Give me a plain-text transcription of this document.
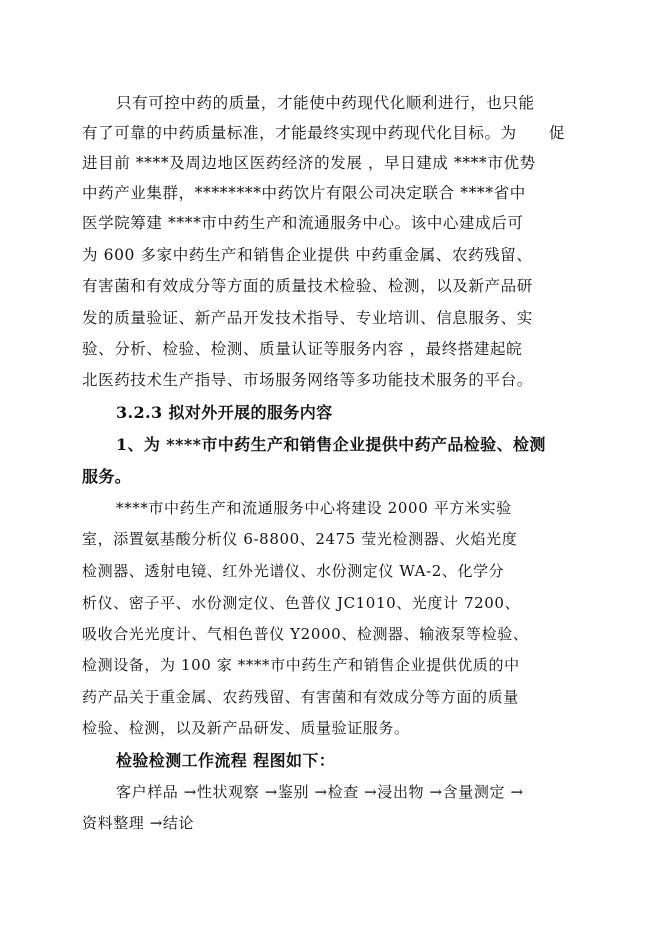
只有可控中药的质量，才能使中药现代化顺利进行，也只能
有了可靠的中药质量标准，才能最终实现中药现代化目标。为　　促
进目前 ****及周边地区医药经济的发展 ，早日建成 ****市优势
中药产业集群，********中药饮片有限公司决定联合 ****省中
医学院筹建 ****市中药生产和流通服务中心。该中心建成后可
为 600 多家中药生产和销售企业提供 中药重金属、农药残留、
有害菌和有效成分等方面的质量技术检验、检测，以及新产品研
发的质量验证、新产品开发技术指导、专业培训、信息服务、实
验、分析、检验、检测、质量认证等服务内容 ，最终搭建起皖
北医药技术生产指导、市场服务网络等多功能技术服务的平台。
3.2.3 拟对外开展的服务内容
1、为 ****市中药生产和销售企业提供中药产品检验、检测
服务。
****市中药生产和流通服务中心将建设 2000 平方米实验
室，添置氨基酸分析仪 6-8800、2475 莹光检测器、火焰光度
检测器、透射电镜、红外光谱仪、水份测定仪 WA-2、化学分
析仪、密子平、水份测定仪、色普仪 JC1010、光度计 7200、
吸收合光光度计、气相色普仪 Y2000、检测器、输液泵等检验、
检测设备，为 100 家 ****市中药生产和销售企业提供优质的中
药产品关于重金属、农药残留、有害菌和有效成分等方面的质量
检验、检测，以及新产品研发、质量验证服务。
检验检测工作流程 程图如下：
客户样品 →性状观察 →鉴别 →检查 →浸出物 →含量测定 →
资料整理 →结论
